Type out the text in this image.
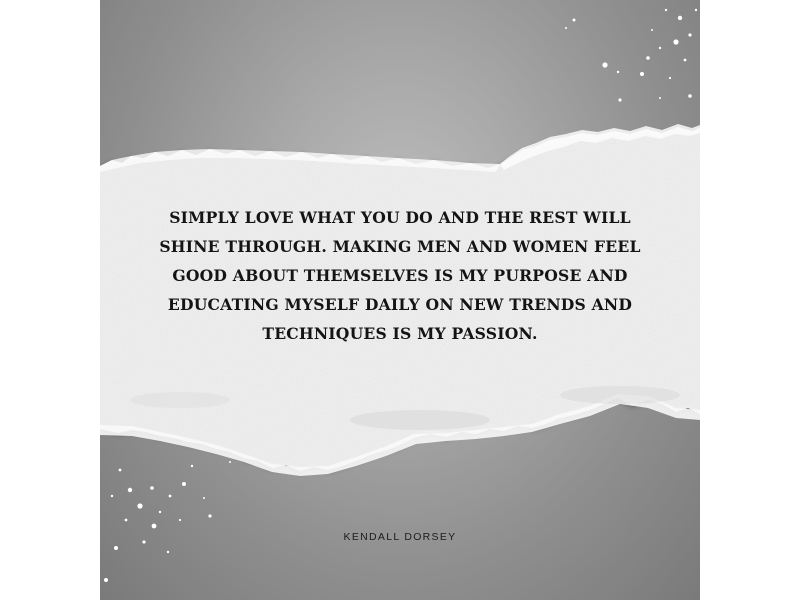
SIMPLY LOVE WHAT YOU DO AND THE REST WILL SHINE THROUGH. MAKING MEN AND WOMEN FEEL GOOD ABOUT THEMSELVES IS MY PURPOSE AND EDUCATING MYSELF DAILY ON NEW TRENDS AND TECHNIQUES IS MY PASSION.

KENDALL DORSEY
